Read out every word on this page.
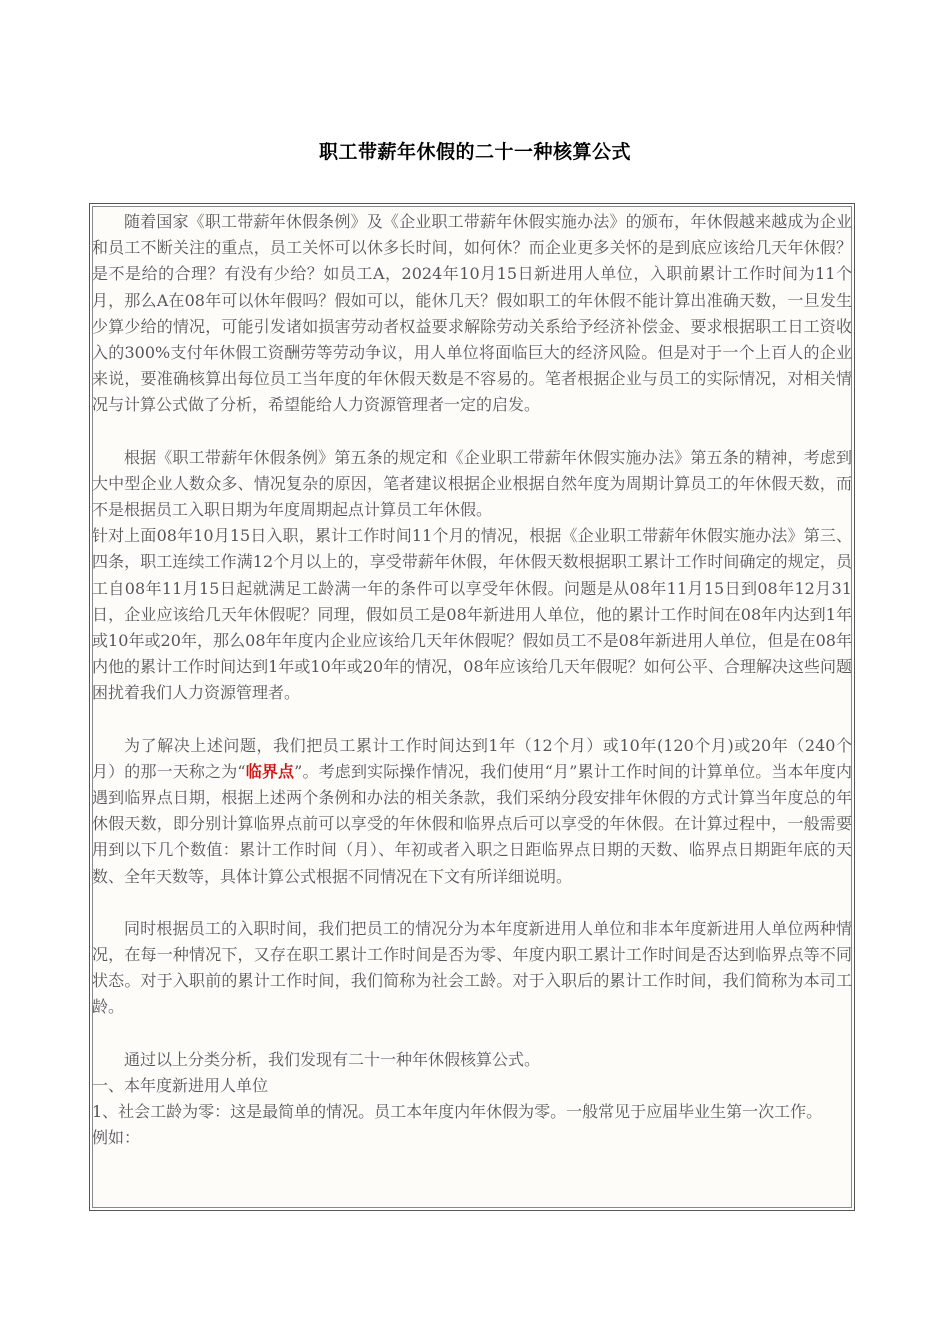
职工带薪年休假的二十一种核算公式

随着国家《职工带薪年休假条例》及《企业职工带薪年休假实施办法》的颁布，年休假越来越成为企业和员工不断关注的重点，员工关怀可以休多长时间，如何休？而企业更多关怀的是到底应该给几天年休假？是不是给的合理？有没有少给？如员工A，2024年10月15日新进用人单位，入职前累计工作时间为11个月，那么A在08年可以休年假吗？假如可以，能休几天？假如职工的年休假不能计算出准确天数，一旦发生少算少给的情况，可能引发诸如损害劳动者权益要求解除劳动关系给予经济补偿金、要求根据职工日工资收入的300%支付年休假工资酬劳等劳动争议，用人单位将面临巨大的经济风险。但是对于一个上百人的企业来说，要准确核算出每位员工当年度的年休假天数是不容易的。笔者根据企业与员工的实际情况，对相关情况与计算公式做了分析，希望能给人力资源管理者一定的启发。

根据《职工带薪年休假条例》第五条的规定和《企业职工带薪年休假实施办法》第五条的精神，考虑到大中型企业人数众多、情况复杂的原因，笔者建议根据企业根据自然年度为周期计算员工的年休假天数，而不是根据员工入职日期为年度周期起点计算员工年休假。

针对上面08年10月15日入职，累计工作时间11个月的情况，根据《企业职工带薪年休假实施办法》第三、四条，职工连续工作满12个月以上的，享受带薪年休假，年休假天数根据职工累计工作时间确定的规定，员工自08年11月15日起就满足工龄满一年的条件可以享受年休假。问题是从08年11月15日到08年12月31日，企业应该给几天年休假呢？同理，假如员工是08年新进用人单位，他的累计工作时间在08年内达到1年或10年或20年，那么08年年度内企业应该给几天年休假呢？假如员工不是08年新进用人单位，但是在08年内他的累计工作时间达到1年或10年或20年的情况，08年应该给几天年假呢？如何公平、合理解决这些问题困扰着我们人力资源管理者。

为了解决上述问题，我们把员工累计工作时间达到1年（12个月）或10年(120个月)或20年（240个月）的那一天称之为“临界点”。考虑到实际操作情况，我们使用“月”累计工作时间的计算单位。当本年度内遇到临界点日期，根据上述两个条例和办法的相关条款，我们采纳分段安排年休假的方式计算当年度总的年休假天数，即分别计算临界点前可以享受的年休假和临界点后可以享受的年休假。在计算过程中，一般需要用到以下几个数值：累计工作时间（月）、年初或者入职之日距临界点日期的天数、临界点日期距年底的天数、全年天数等，具体计算公式根据不同情况在下文有所详细说明。

同时根据员工的入职时间，我们把员工的情况分为本年度新进用人单位和非本年度新进用人单位两种情况，在每一种情况下，又存在职工累计工作时间是否为零、年度内职工累计工作时间是否达到临界点等不同状态。对于入职前的累计工作时间，我们简称为社会工龄。对于入职后的累计工作时间，我们简称为本司工龄。

通过以上分类分析，我们发现有二十一种年休假核算公式。

一、本年度新进用人单位

1、社会工龄为零：这是最简单的情况。员工本年度内年休假为零。一般常见于应届毕业生第一次工作。

例如：
